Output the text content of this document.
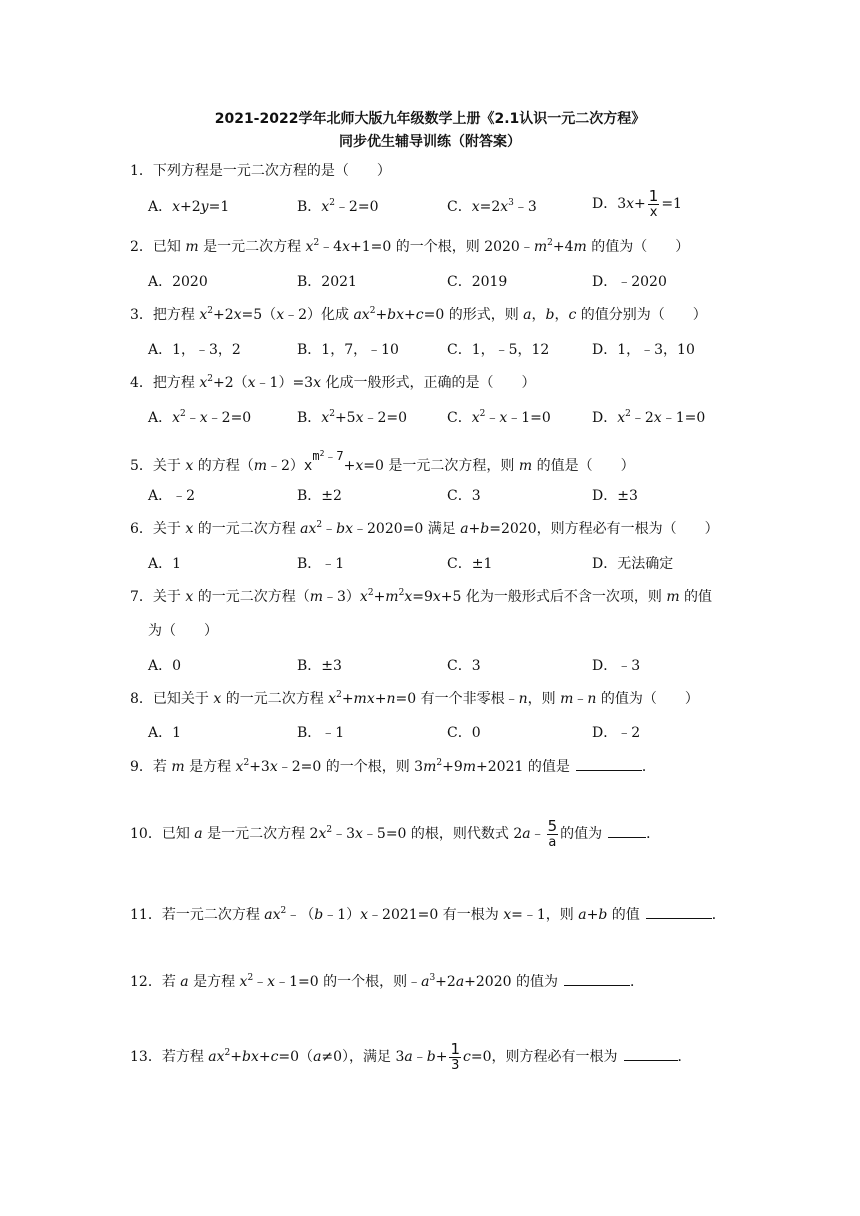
2021-2022学年北师大版九年级数学上册《2.1认识一元二次方程》
同步优生辅导训练（附答案）
1．下列方程是一元二次方程的是（　　）
A．x+2y=1	B．$x^2﹣2=0$	C．$x=2x^3﹣3$	D．$3x+ \frac{1}{x} =1$
2．已知 m 是一元二次方程 $x^2﹣4x+1=0$ 的一个根，则 $2020﹣m^2+4m$ 的值为（　　）
A．2020	B．2021	C．2019	D．﹣2020
3．把方程 $x^2+2x=5(x﹣2)$化成 $ax^2+bx+c=0$ 的形式，则 a，b，c 的值分别为（　　）
A．1，﹣3，2	B．1，7，﹣10	C．1，﹣5，12	D．1，﹣3，10
4．把方程 $x^2+2(x﹣1)=3x$ 化成一般形式，正确的是（　　）
A．$x^2﹣x﹣2=0$	B．$x^2+5x﹣2=0$	C．$x^2﹣x﹣1=0$	D．$x^2﹣2x﹣1=0$
5．关于 x 的方程$(m﹣2)xm^2﹣7+x=0$ 是一元二次方程，则 m 的值是（　　）
A．﹣2	B．±2	C．3	D．±3
6．关于 x 的一元二次方程 $ax^2﹣bx﹣2020=0$ 满足 a+b=2020，则方程必有一根为（　　）
A．1	B．﹣1	C．±1	D．无法确定
7．关于 x 的一元二次方程$(m﹣3)x^2+m^2x=9x+5$ 化为一般形式后不含一次项，则 m 的值
为（　　）
A．0	B．±3	C．3	D．﹣3
8．已知关于 x 的一元二次方程 $x^2+mx+n=0$ 有一个非零根﹣n，则 m﹣n 的值为（　　）
A．1	B．﹣1	C．0	D．﹣2
9．若 m 是方程 $x^2+3x﹣2=0$ 的一个根，则 $3m^2+9m+2021$ 的值是	．
10．已知 a 是一元二次方程 $2x^2﹣3x﹣5=0$ 的根，则代数式 2a﹣ $\frac{5}{a}$ 的值为	．
11．若一元二次方程 $ax^2﹣(b﹣1)x﹣2021=0$ 有一根为 x=﹣1，则 a+b 的值	．
12．若 a 是方程 $x^2﹣x﹣1=0$ 的一个根，则$﹣a^3+2a+2020$ 的值为	．
13．若方程 $ax^2+bx+c=0(a\ne 0)$，满足 3a﹣b+ $\frac{1}{3} c=0$，则方程必有一根为	．
